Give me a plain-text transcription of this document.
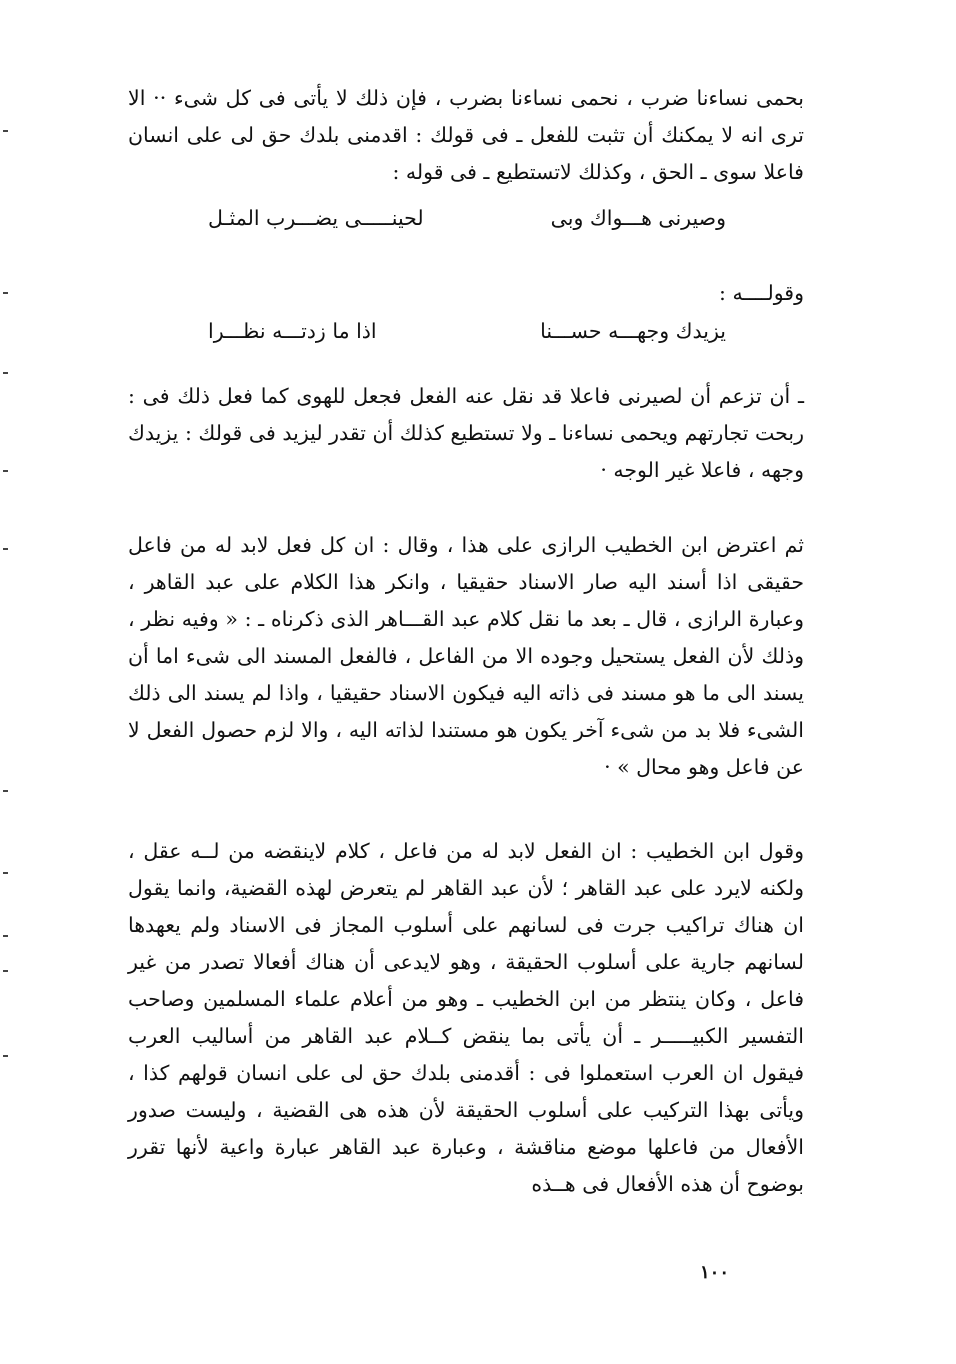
بحمى نساءنا ضرب ، نحمى نساءنا بضرب ، فإن ذلك لا يأتى فى كل شىء ·· الا ترى انه لا يمكنك أن تثبت للفعل ـ فى قولك : اقدمنى بلدك حق لى على انسان فاعلا سوى ـ الحق ، وكذلك لاتستطيع ـ فى قوله :

وصيرنى هـــواك وبى
لحينـــــى يضـــرب المثـل
وقولــــه :
يزيدك وجهـــه حســـنا
اذا ما زدتـــه نظـــرا

ـ أن تزعم أن لصيرنى فاعلا قد نقل عنه الفعل فجعل للهوى كما فعل ذلك فى : ربحت تجارتهم ويحمى نساءنا ـ ولا تستطيع كذلك أن تقدر ليزيد فى قولك : يزيدك وجهه ، فاعلا غير الوجه ·

ثم اعترض ابن الخطيب الرازى على هذا ، وقال : ان كل فعل لابد له من فاعل حقيقى اذا أسند اليه صار الاسناد حقيقيا ، وانكر هذا الكلام على عبد القاهر ، وعبارة الرازى ، قال ـ بعد ما نقل كلام عبد القـــاهر الذى ذكرناه ـ : « وفيه نظر ، وذلك لأن الفعل يستحيل وجوده الا من الفاعل ، فالفعل المسند الى شىء اما أن يسند الى ما هو مسند فى ذاته اليه فيكون الاسناد حقيقيا ، واذا لم يسند الى ذلك الشىء فلا بد من شىء آخر يكون هو مستندا لذاته اليه ، والا لزم حصول الفعل لا عن فاعل وهو محال » ·

وقول ابن الخطيب : ان الفعل لابد له من فاعل ، كلام لاينقضه من لــه عقل ، ولكنه لايرد على عبد القاهر ؛ لأن عبد القاهر لم يتعرض لهذه القضية، وانما يقول ان هناك تراكيب جرت فى لسانهم على أسلوب المجاز فى الاسناد ولم يعهدها لسانهم جارية على أسلوب الحقيقة ، وهو لايدعى أن هناك أفعالا تصدر من غير فاعل ، وكان ينتظر من ابن الخطيب ـ وهو من أعلام علماء المسلمين وصاحب التفسير الكبيـــــر ـ أن يأتى بما ينقض كــلام عبد القاهر من أساليب العرب فيقول ان العرب استعملوا فى : أقدمنى بلدك حق لى على انسان قولهم كذا ، ويأتى بهذا التركيب على أسلوب الحقيقة لأن هذه هى القضية ، وليست صدور الأفعال من فاعلها موضع مناقشة ، وعبارة عبد القاهر عبارة واعية لأنها تقرر بوضوح أن هذه الأفعال فى هــذه

١٠٠
